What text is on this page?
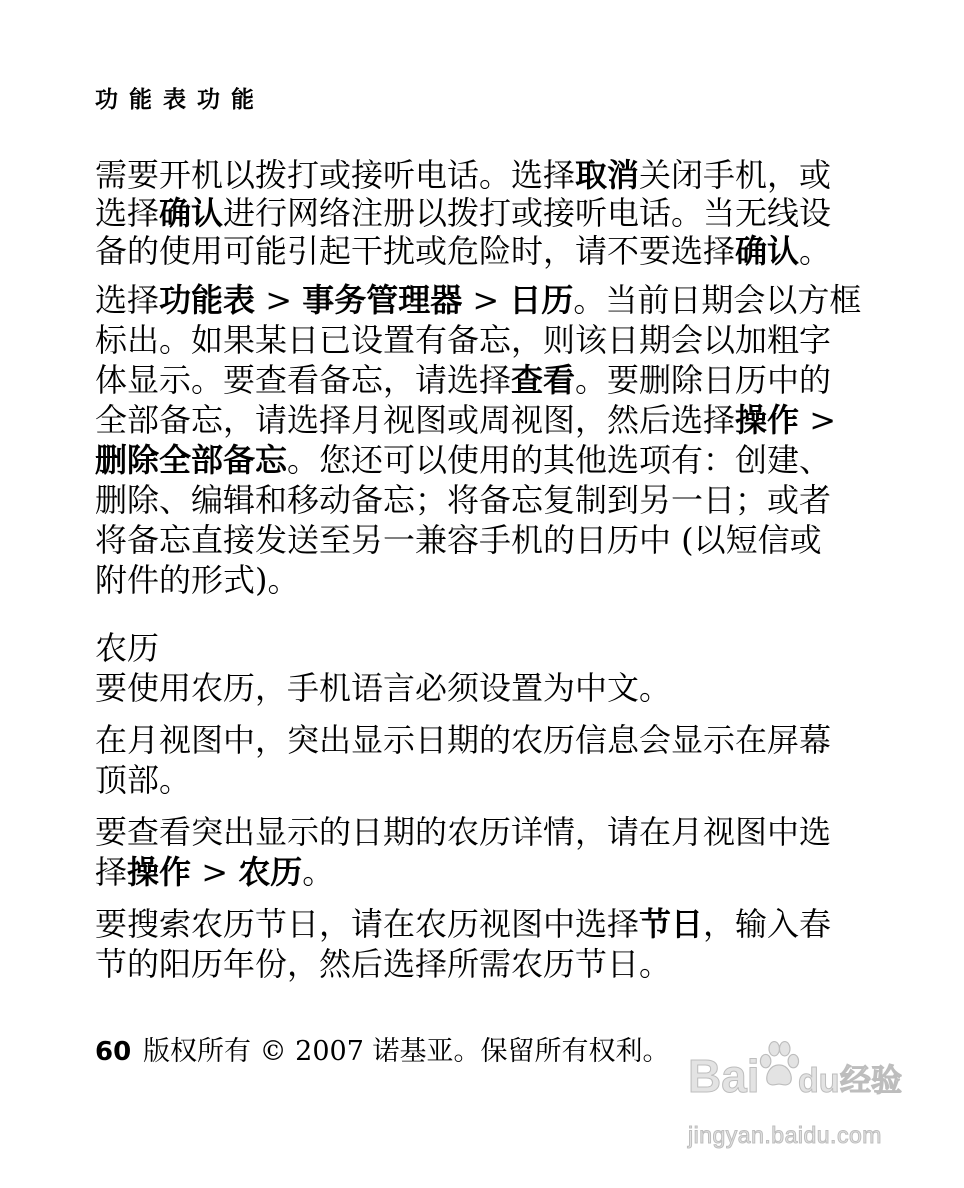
功能表功能
需要开机以拨打或接听电话。选择取消关闭手机，或
选择确认进行网络注册以拨打或接听电话。当无线设
备的使用可能引起干扰或危险时，请不要选择确认。
选择功能表 > 事务管理器 > 日历。当前日期会以方框
标出。如果某日已设置有备忘，则该日期会以加粗字
体显示。要查看备忘，请选择查看。要删除日历中的
全部备忘，请选择月视图或周视图，然后选择操作 >
删除全部备忘。您还可以使用的其他选项有：创建、
删除、编辑和移动备忘；将备忘复制到另一日；或者
将备忘直接发送至另一兼容手机的日历中 (以短信或
附件的形式)。
农历
要使用农历，手机语言必须设置为中文。
在月视图中，突出显示日期的农历信息会显示在屏幕
顶部。
要查看突出显示的日期的农历详情，请在月视图中选
择操作 > 农历。
要搜索农历节日，请在农历视图中选择节日，输入春
节的阳历年份，然后选择所需农历节日。
60 版权所有 © 2007 诺基亚。保留所有权利。 Bai du 经验
jingyan.baidu.com
